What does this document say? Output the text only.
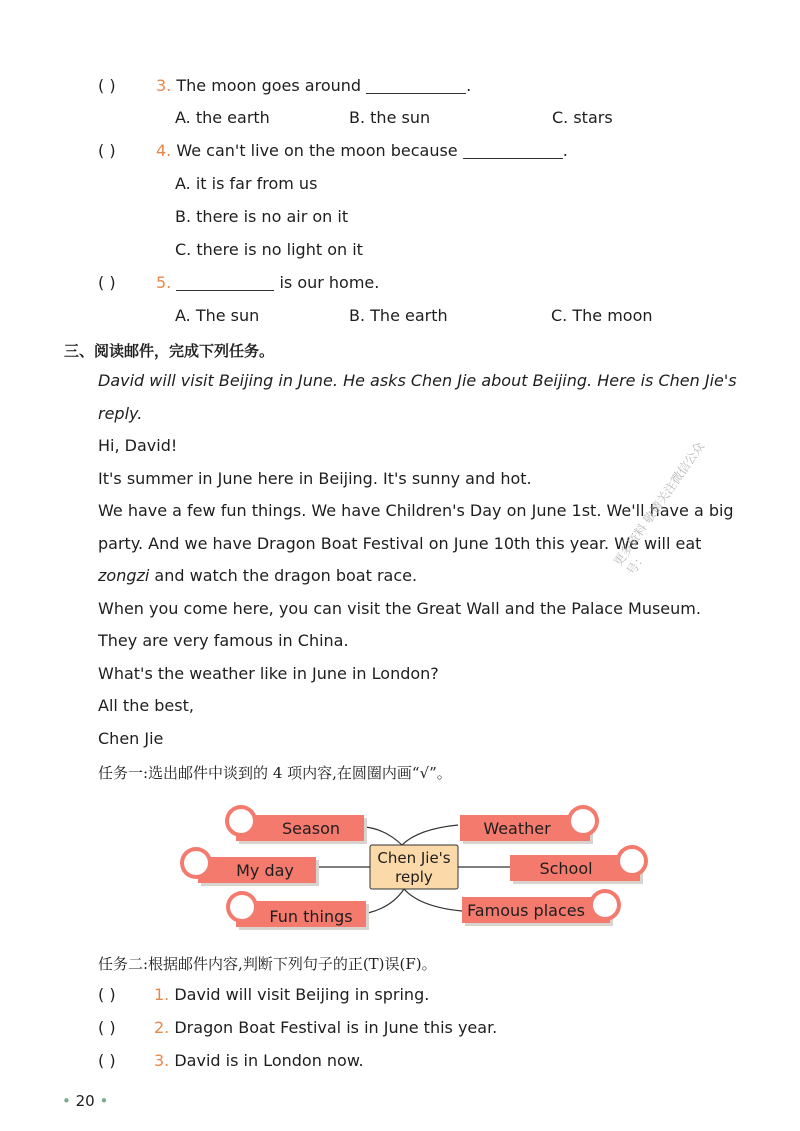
( )	3. The moon goes around	.
A. the earth	B. the sun	C. stars
( )	4. We can't live on the moon because	.
A. it is far from us
B. there is no air on it
C. there is no light on it
( )	5.	is our home.
A. The sun	B. The earth	C. The moon
三、阅读邮件，完成下列任务。
David will visit Beijing in June. He asks Chen Jie about Beijing. Here is Chen Jie's reply.
Hi, David!
It's summer in June here in Beijing. It's sunny and hot.
We have a few fun things. We have Children's Day on June 1st. We'll have a big party. And we have Dragon Boat Festival on June 10th this year. We will eat zongzi and watch the dragon boat race.
When you come here, you can visit the Great Wall and the Palace Museum. They are very famous in China.
What's the weather like in June in London?
All the best,
Chen Jie
更多资料 敬请关注微信公众号：
任务一:选出邮件中谈到的 4 项内容,在圆圈内画“√”。
Chen Jie's
reply
Season	Weather
My day	School
Fun things	Famous places
任务二:根据邮件内容,判断下列句子的正(T)误(F)。
( ) 1. David will visit Beijing in spring.
( ) 2. Dragon Boat Festival is in June this year.
( ) 3. David is in London now.
• 20 •
